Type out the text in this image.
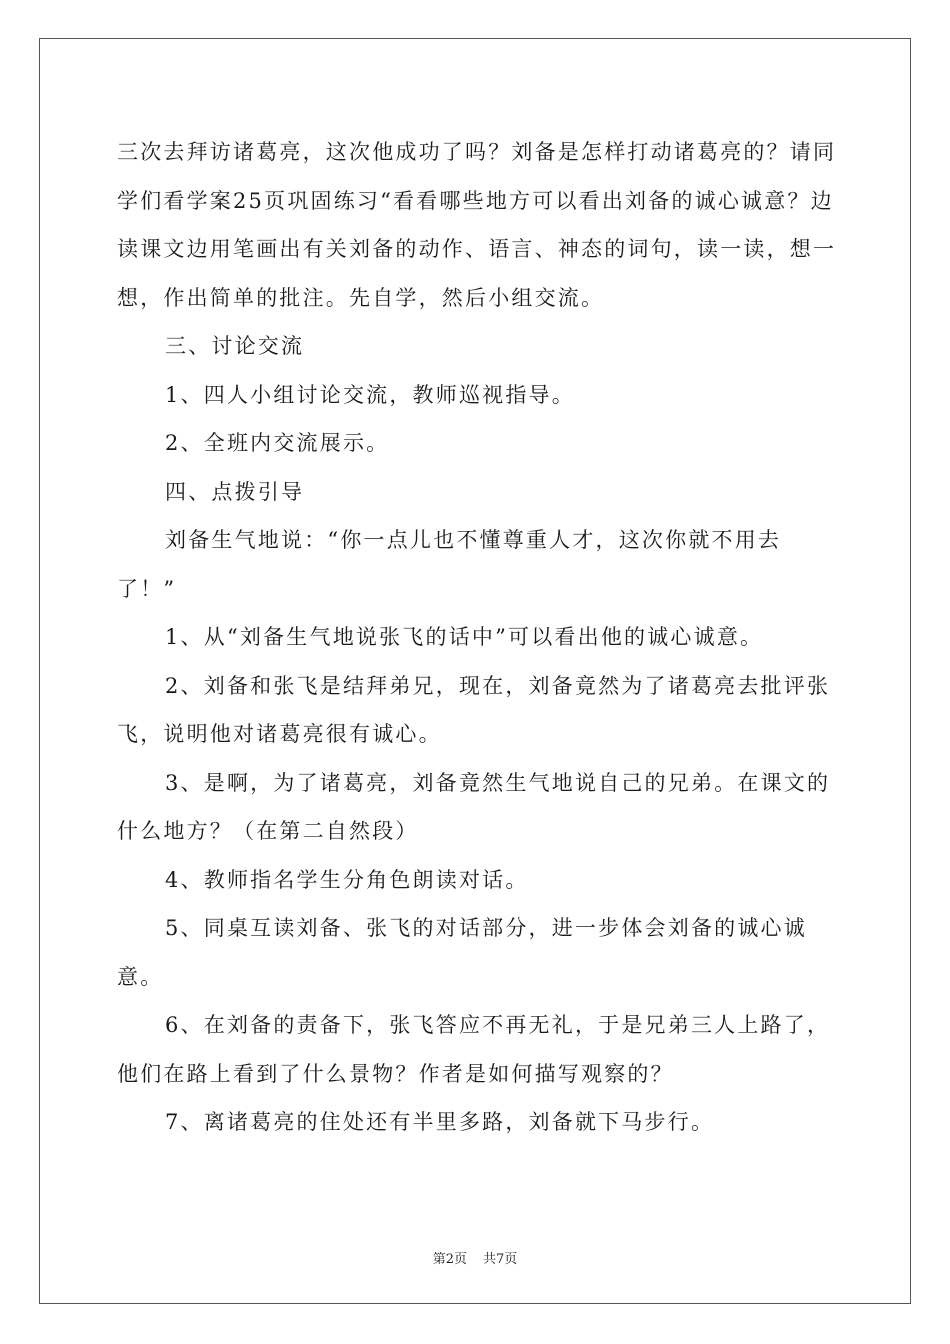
三次去拜访诸葛亮，这次他成功了吗？刘备是怎样打动诸葛亮的？请同学们看学案25页巩固练习“看看哪些地方可以看出刘备的诚心诚意？边读课文边用笔画出有关刘备的动作、语言、神态的词句，读一读，想一想，作出简单的批注。先自学，然后小组交流。

三、讨论交流

1、四人小组讨论交流，教师巡视指导。

2、全班内交流展示。

四、点拨引导

刘备生气地说：“你一点儿也不懂尊重人才，这次你就不用去了！”

1、从“刘备生气地说张飞的话中”可以看出他的诚心诚意。

2、刘备和张飞是结拜弟兄，现在，刘备竟然为了诸葛亮去批评张飞，说明他对诸葛亮很有诚心。

3、是啊，为了诸葛亮，刘备竟然生气地说自己的兄弟。在课文的什么地方？（在第二自然段）

4、教师指名学生分角色朗读对话。

5、同桌互读刘备、张飞的对话部分，进一步体会刘备的诚心诚意。

6、在刘备的责备下，张飞答应不再无礼，于是兄弟三人上路了，他们在路上看到了什么景物？作者是如何描写观察的？

7、离诸葛亮的住处还有半里多路，刘备就下马步行。

第2页 共7页
